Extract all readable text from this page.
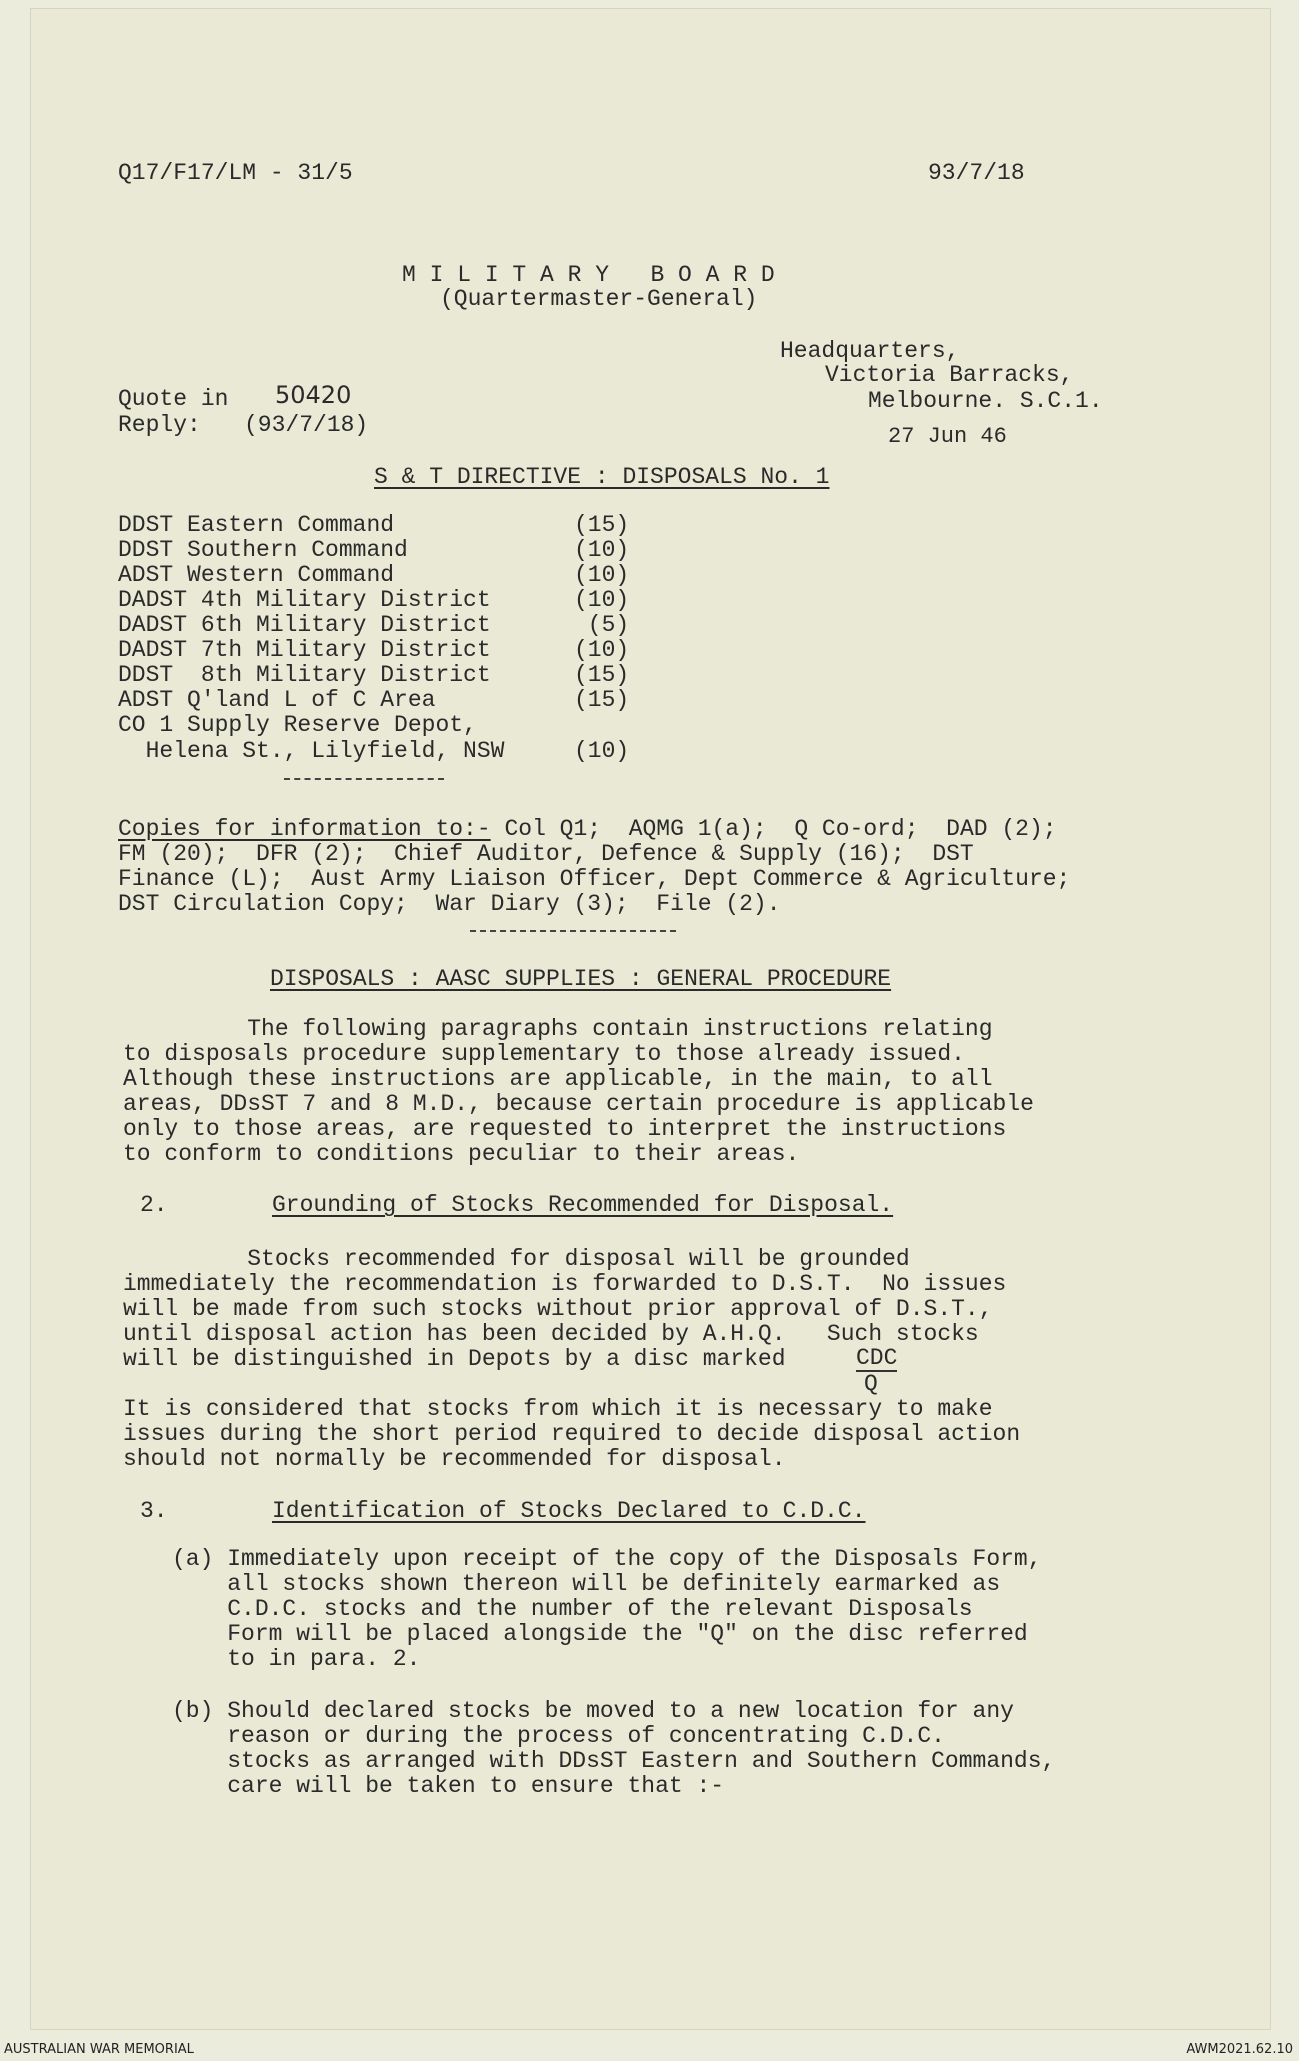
Q17/F17/LM - 31/5	93/7/18
M I L I T A R Y   B O A R D
(Quartermaster-General)
Headquarters,
Victoria Barracks,
Melbourne. S.C.1.
27 Jun 46
Quote in 50420
Reply: (93/7/18)
S & T DIRECTIVE : DISPOSALS No. 1
DDST Eastern Command	(15)
DDST Southern Command	(10)
ADST Western Command	(10)
DADST 4th Military District	(10)
DADST 6th Military District	(5)
DADST 7th Military District	(10)
DDST  8th Military District	(15)
ADST Q'land L of C Area	(15)
CO 1 Supply Reserve Depot,
Helena St., Lilyfield, NSW	(10)
Copies for information to:- Col Q1;  AQMG 1(a);  Q Co-ord;  DAD (2);
FM (20);  DFR (2);  Chief Auditor, Defence & Supply (16);  DST
Finance (L);  Aust Army Liaison Officer, Dept Commerce & Agriculture;
DST Circulation Copy;  War Diary (3);  File (2).
DISPOSALS : AASC SUPPLIES : GENERAL PROCEDURE
The following paragraphs contain instructions relating
to disposals procedure supplementary to those already issued.
Although these instructions are applicable, in the main, to all
areas, DDsST 7 and 8 M.D., because certain procedure is applicable
only to those areas, are requested to interpret the instructions
to conform to conditions peculiar to their areas.
2.	Grounding of Stocks Recommended for Disposal.
Stocks recommended for disposal will be grounded
immediately the recommendation is forwarded to D.S.T.  No issues
will be made from such stocks without prior approval of D.S.T.,
until disposal action has been decided by A.H.Q.   Such stocks
will be distinguished in Depots by a disc marked	CDC
Q
It is considered that stocks from which it is necessary to make
issues during the short period required to decide disposal action
should not normally be recommended for disposal.
3.	Identification of Stocks Declared to C.D.C.
(a) Immediately upon receipt of the copy of the Disposals Form,
all stocks shown thereon will be definitely earmarked as
C.D.C. stocks and the number of the relevant Disposals
Form will be placed alongside the "Q" on the disc referred
to in para. 2.
(b) Should declared stocks be moved to a new location for any
reason or during the process of concentrating C.D.C.
stocks as arranged with DDsST Eastern and Southern Commands,
care will be taken to ensure that :-
AUSTRALIAN WAR MEMORIAL	AWM2021.62.10
